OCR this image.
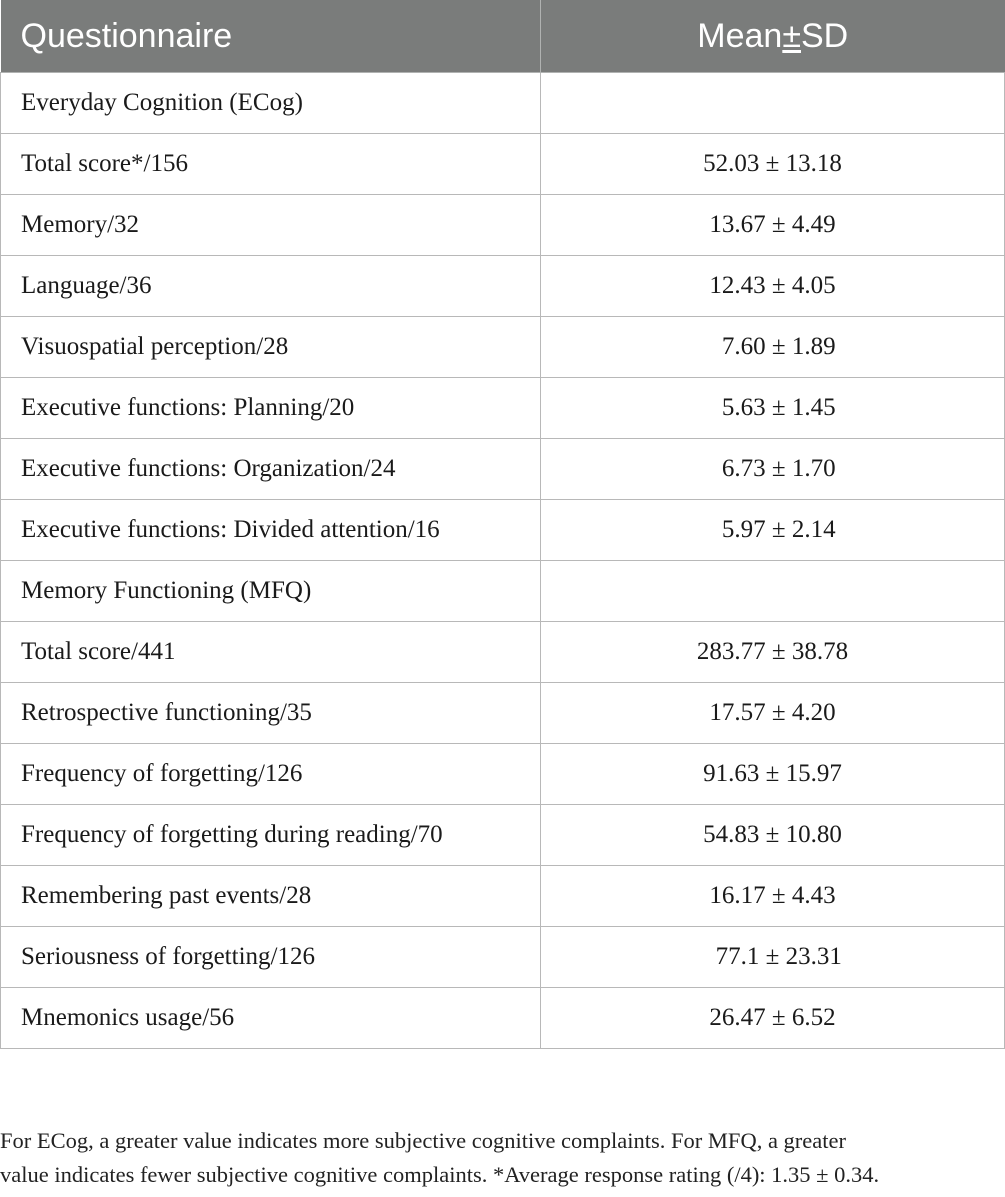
Questionnaire	Mean±SD
Everyday Cognition (ECog)	
Total score*/156	52.03 ± 13.18
Memory/32	13.67 ± 4.49
Language/36	12.43 ± 4.05
Visuospatial perception/28	7.60 ± 1.89
Executive functions: Planning/20	5.63 ± 1.45
Executive functions: Organization/24	6.73 ± 1.70
Executive functions: Divided attention/16	5.97 ± 2.14
Memory Functioning (MFQ)	
Total score/441	283.77 ± 38.78
Retrospective functioning/35	17.57 ± 4.20
Frequency of forgetting/126	91.63 ± 15.97
Frequency of forgetting during reading/70	54.83 ± 10.80
Remembering past events/28	16.17 ± 4.43
Seriousness of forgetting/126	77.1 ± 23.31
Mnemonics usage/56	26.47 ± 6.52
For ECog, a greater value indicates more subjective cognitive complaints. For MFQ, a greater
value indicates fewer subjective cognitive complaints. *Average response rating (/4): 1.35 ± 0.34.
